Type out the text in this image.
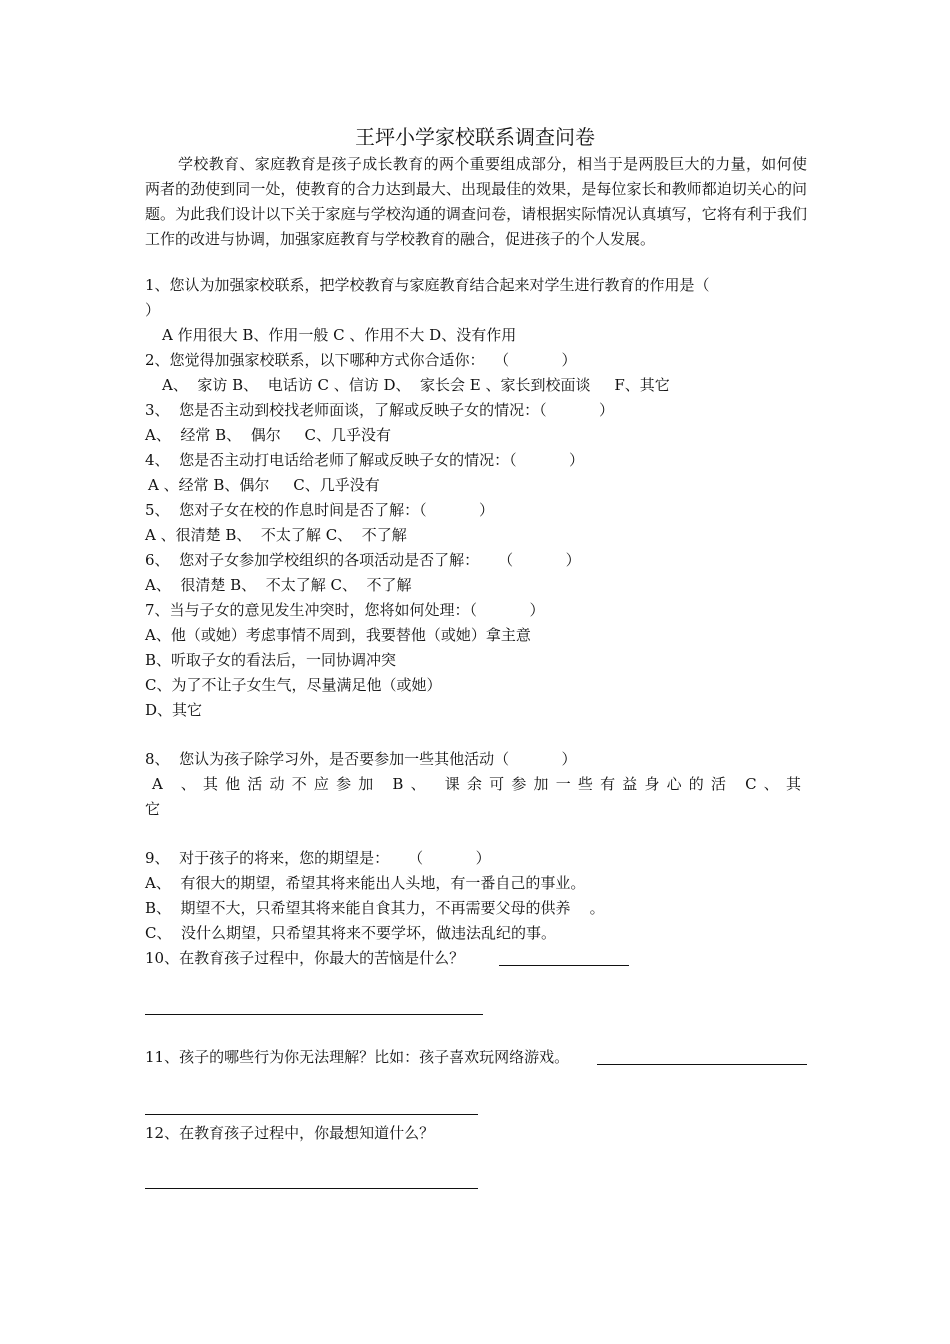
王坪小学家校联系调查问卷
学校教育、家庭教育是孩子成长教育的两个重要组成部分，相当于是两股巨大的力量，如何使两者的劲使到同一处，使教育的合力达到最大、出现最佳的效果，是每位家长和教师都迫切关心的问题。为此我们设计以下关于家庭与学校沟通的调查问卷，请根据实际情况认真填写，它将有利于我们工作的改进与协调，加强家庭教育与学校教育的融合，促进孩子的个人发展。
1、您认为加强家校联系，把学校教育与家庭教育结合起来对学生进行教育的作用是（
）
A 作用很大 B、作用一般 C 、作用不大 D、没有作用
2、您觉得加强家校联系，以下哪种方式你合适你：  （           ）
A、  家访 B、  电话访 C 、信访 D、  家长会 E 、家长到校面谈     F、其它
3、  您是否主动到校找老师面谈，了解或反映子女的情况：（           ）
A、  经常 B、  偶尔     C、几乎没有
4、  您是否主动打电话给老师了解或反映子女的情况：（           ）
A 、经常 B、偶尔     C、几乎没有
5、  您对子女在校的作息时间是否了解：（           ）
A 、很清楚 B、  不太了解 C、  不了解
6、  您对子女参加学校组织的各项活动是否了解：    （           ）
A、  很清楚 B、  不太了解 C、  不了解
7、当与子女的意见发生冲突时，您将如何处理：（           ）
A、他（或她）考虑事情不周到，我要替他（或她）拿主意
B、听取子女的看法后，一同协调冲突
C、为了不让子女生气，尽量满足他（或她）
D、其它
8、  您认为孩子除学习外，是否要参加一些其他活动（           ）
A 、其他活动不应参加 B、 课余可参加一些有益身心的活 C、其
它
9、  对于孩子的将来，您的期望是：    （           ）
A、  有很大的期望，希望其将来能出人头地，有一番自己的事业。
B、  期望不大，只希望其将来能自食其力，不再需要父母的供养    。
C、  没什么期望，只希望其将来不要学坏，做违法乱纪的事。
10、在教育孩子过程中，你最大的苦恼是什么？
11、孩子的哪些行为你无法理解？比如：孩子喜欢玩网络游戏。
12、在教育孩子过程中，你最想知道什么？
